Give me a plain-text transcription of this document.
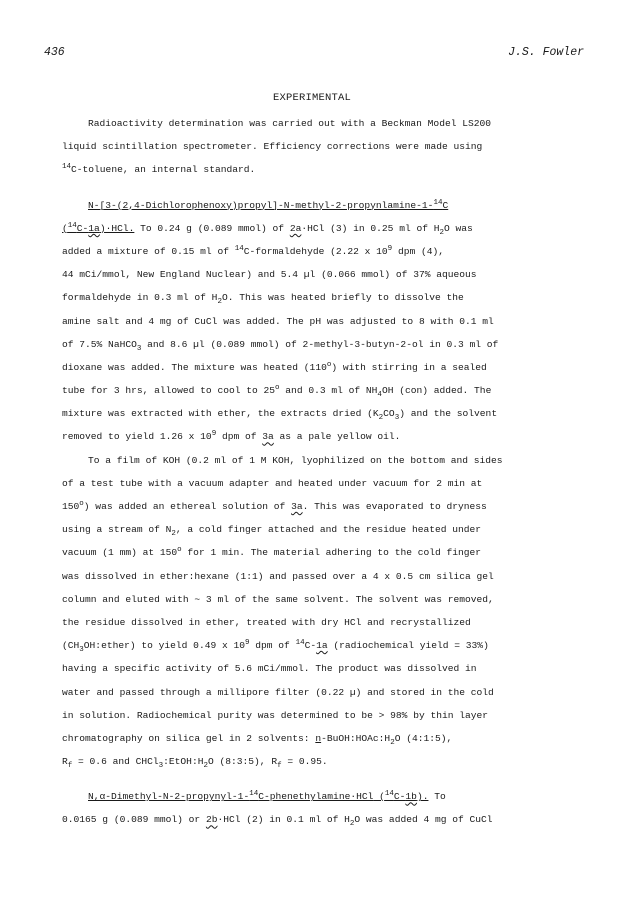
436	J.S. Fowler
EXPERIMENTAL
Radioactivity determination was carried out with a Beckman Model LS200
liquid scintillation spectrometer. Efficiency corrections were made using
$^{14}$C-toluene, an internal standard.
N-[3-(2,4-Dichlorophenoxy)propyl]-N-methyl-2-propynlamine-1-$^{14}$C
($^{14}$C-1a)·HCl. To 0.24 g (0.089 mmol) of 2a·HCl (3) in 0.25 ml of $H_2O$ was
added a mixture of 0.15 ml of $^{14}$C-formaldehyde (2.22 x $10^9$ dpm (4),
44 mCi/mmol, New England Nuclear) and 5.4 µl (0.066 mmol) of 37% aqueous
formaldehyde in 0.3 ml of $H_2O$. This was heated briefly to dissolve the
amine salt and 4 mg of CuCl was added. The pH was adjusted to 8 with 0.1 ml
of 7.5% NaHCO$_3$ and 8.6 µl (0.089 mmol) of 2-methyl-3-butyn-2-ol in 0.3 ml of
dioxane was added. The mixture was heated (110$^o$) with stirring in a sealed
tube for 3 hrs, allowed to cool to 25$^o$ and 0.3 ml of $NH_4OH$ (con) added. The
mixture was extracted with ether, the extracts dried $(K_2CO_3)$ and the solvent
removed to yield 1.26 x $10^9$ dpm of 3a as a pale yellow oil.
To a film of KOH (0.2 ml of 1 M KOH, lyophilized on the bottom and sides
of a test tube with a vacuum adapter and heated under vacuum for 2 min at
150$^o$) was added an ethereal solution of 3a. This was evaporated to dryness
using a stream of $N_2$, a cold finger attached and the residue heated under
vacuum (1 mm) at 150$^o$ for 1 min. The material adhering to the cold finger
was dissolved in ether:hexane (1:1) and passed over a 4 x 0.5 cm silica gel
column and eluted with ~ 3 ml of the same solvent. The solvent was removed,
the residue dissolved in ether, treated with dry HCl and recrystallized
$(CH_3OH:ether)$ to yield 0.49 x $10^9$ dpm of $^{14}$C-1a (radiochemical yield = 33%)
having a specific activity of 5.6 mCi/mmol. The product was dissolved in
water and passed through a millipore filter (0.22 µ) and stored in the cold
in solution. Radiochemical purity was determined to be > 98% by thin layer
chromatography on silica gel in 2 solvents: $n-BuOH:HOAc:H_2O$ (4:1:5),
$R_f = 0.6$ and $CHCl_3:EtOH:H_2O$ (8:3:5), $R_f = 0.95$.
N,α-Dimethyl-N-2-propynyl-1-$^{14}$C-phenethylamine·HCl ($^{14}$C-1b). To
0.0165 g (0.089 mmol) or 2b·HCl (2) in 0.1 ml of $H_2O$ was added 4 mg of CuCl
